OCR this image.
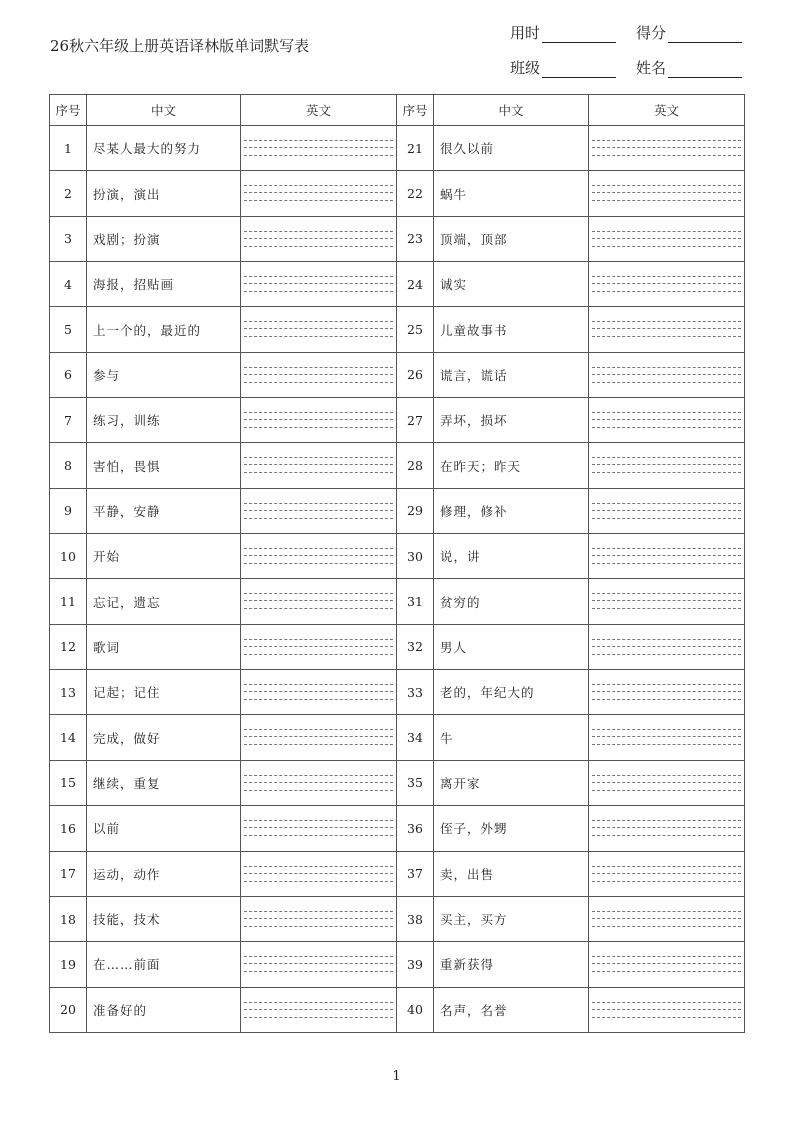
26秋六年级上册英语译林版单词默写表
用时	得分
班级	姓名
序号	中文	英文	序号	中文	英文
1	尽某人最大的努力		21	很久以前	

2	扮演，演出		22	蜗牛	

3	戏剧；扮演		23	顶端，顶部	

4	海报，招贴画		24	诚实	

5	上一个的，最近的		25	儿童故事书	

6	参与		26	谎言，谎话	

7	练习，训练		27	弄坏，损坏	

8	害怕，畏惧		28	在昨天；昨天	

9	平静，安静		29	修理，修补	

10	开始		30	说，讲	

11	忘记，遗忘		31	贫穷的	

12	歌词		32	男人	

13	记起；记住		33	老的，年纪大的	

14	完成，做好		34	牛	

15	继续，重复		35	离开家	

16	以前		36	侄子，外甥	

17	运动，动作		37	卖，出售	

18	技能，技术		38	买主，买方	

19	在……前面		39	重新获得	

20	准备好的		40	名声，名誉	
1
